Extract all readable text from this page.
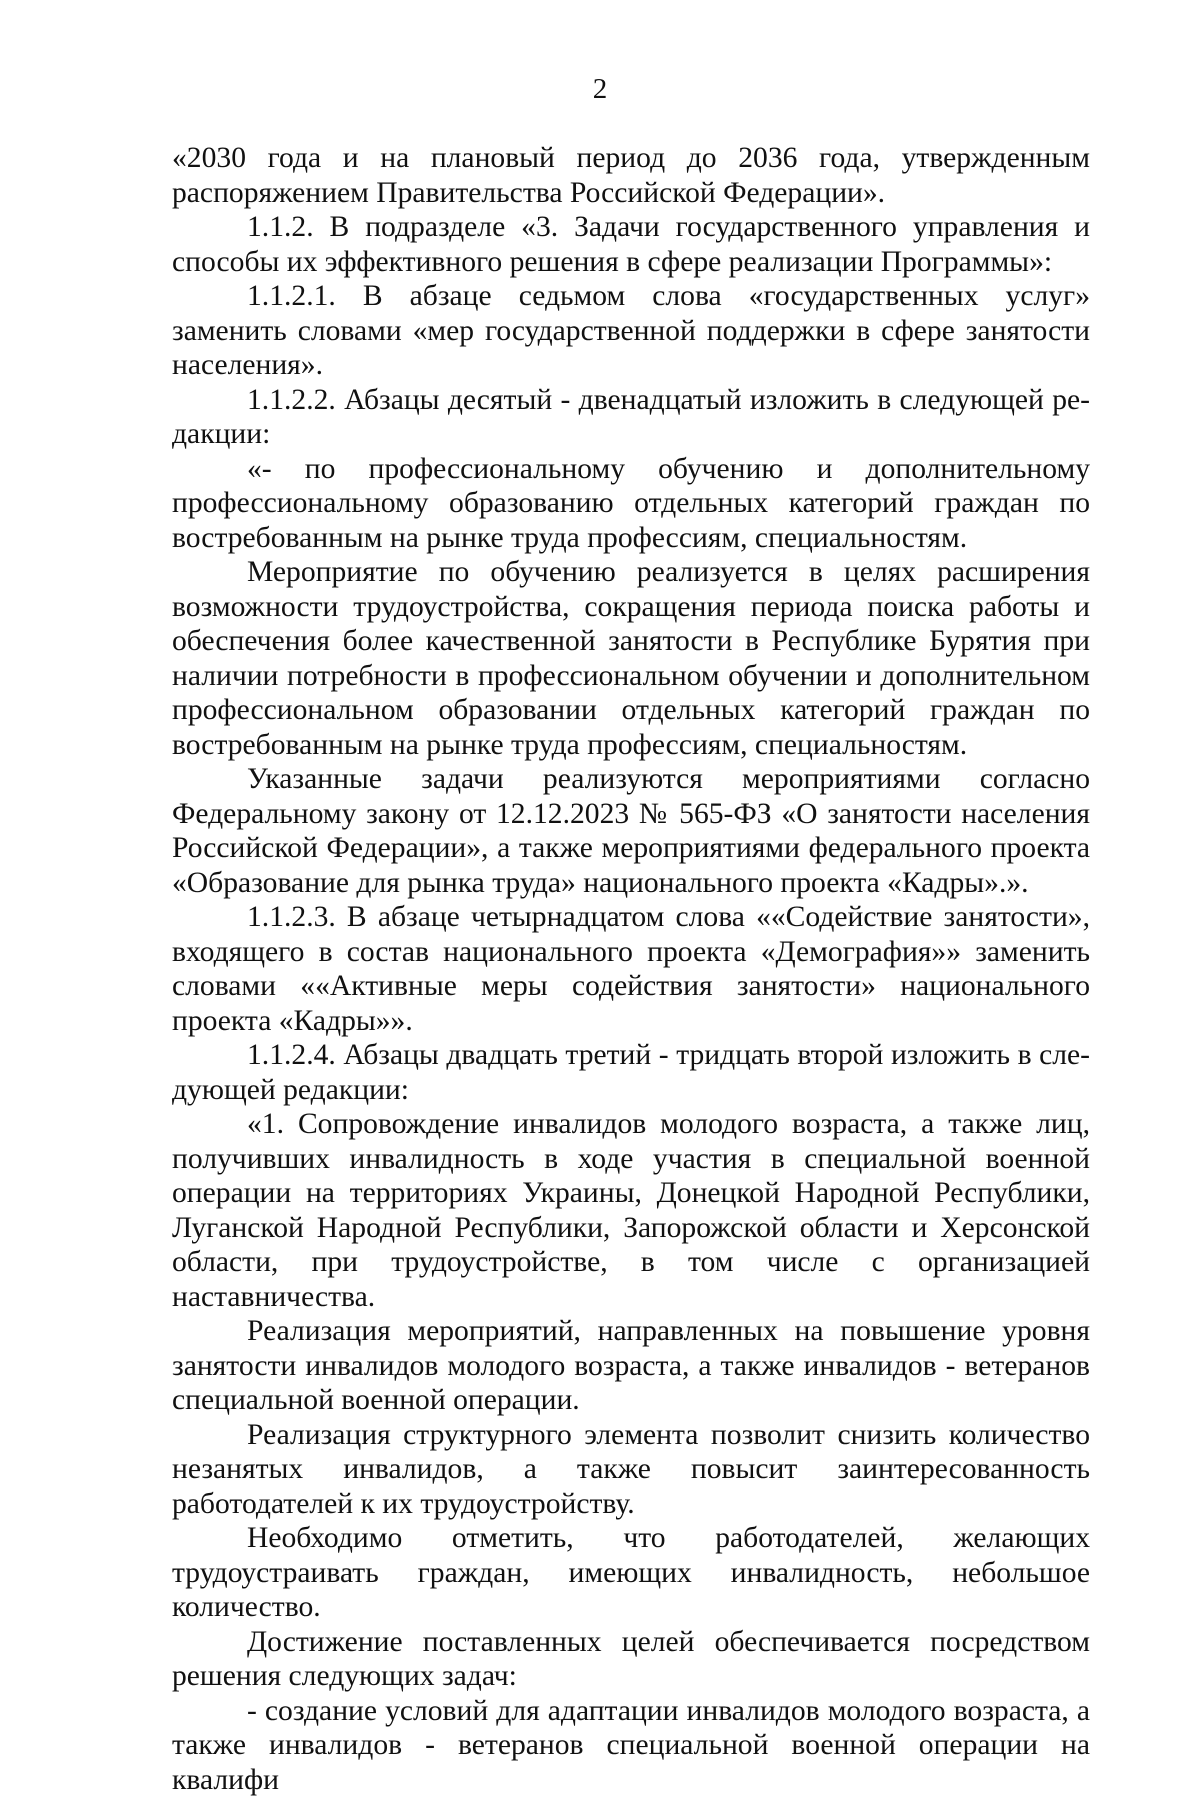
2

«2030 года и на плановый период до 2036 года, утвержденным распоряжением Правительства Российской Федерации».

1.1.2. В подразделе «3. Задачи государственного управления и способы их эффективного решения в сфере реализации Программы»:

1.1.2.1. В абзаце седьмом слова «государственных услуг» заменить словами «мер государственной поддержки в сфере занятости населения».

1.1.2.2. Абзацы десятый - двенадцатый изложить в следующей редакции:

«- по профессиональному обучению и дополнительному профессиональному образованию отдельных категорий граждан по востребованным на рынке труда профессиям, специальностям.

Мероприятие по обучению реализуется в целях расширения возможности трудоустройства, сокращения периода поиска работы и обеспечения более качественной занятости в Республике Бурятия при наличии потребности в профессиональном обучении и дополнительном профессиональном образовании отдельных категорий граждан по востребованным на рынке труда профессиям, специальностям.

Указанные задачи реализуются мероприятиями согласно Федеральному закону от 12.12.2023 № 565-ФЗ «О занятости населения Российской Федерации», а также мероприятиями федерального проекта «Образование для рынка труда» национального проекта «Кадры».».

1.1.2.3. В абзаце четырнадцатом слова ««Содействие занятости», входящего в состав национального проекта «Демография»» заменить словами ««Активные меры содействия занятости» национального проекта «Кадры»».

1.1.2.4. Абзацы двадцать третий - тридцать второй изложить в следующей редакции:

«1. Сопровождение инвалидов молодого возраста, а также лиц, получивших инвалидность в ходе участия в специальной военной операции на территориях Украины, Донецкой Народной Республики, Луганской Народной Республики, Запорожской области и Херсонской области, при трудоустройстве, в том числе с организацией наставничества.

Реализация мероприятий, направленных на повышение уровня занятости инвалидов молодого возраста, а также инвалидов - ветеранов специальной военной операции.

Реализация структурного элемента позволит снизить количество незанятых инвалидов, а также повысит заинтересованность работодателей к их трудоустройству.

Необходимо отметить, что работодателей, желающих трудоустраивать граждан, имеющих инвалидность, небольшое количество.

Достижение поставленных целей обеспечивается посредством решения следующих задач:

- создание условий для адаптации инвалидов молодого возраста, а также инвалидов - ветеранов специальной военной операции на квалифи
